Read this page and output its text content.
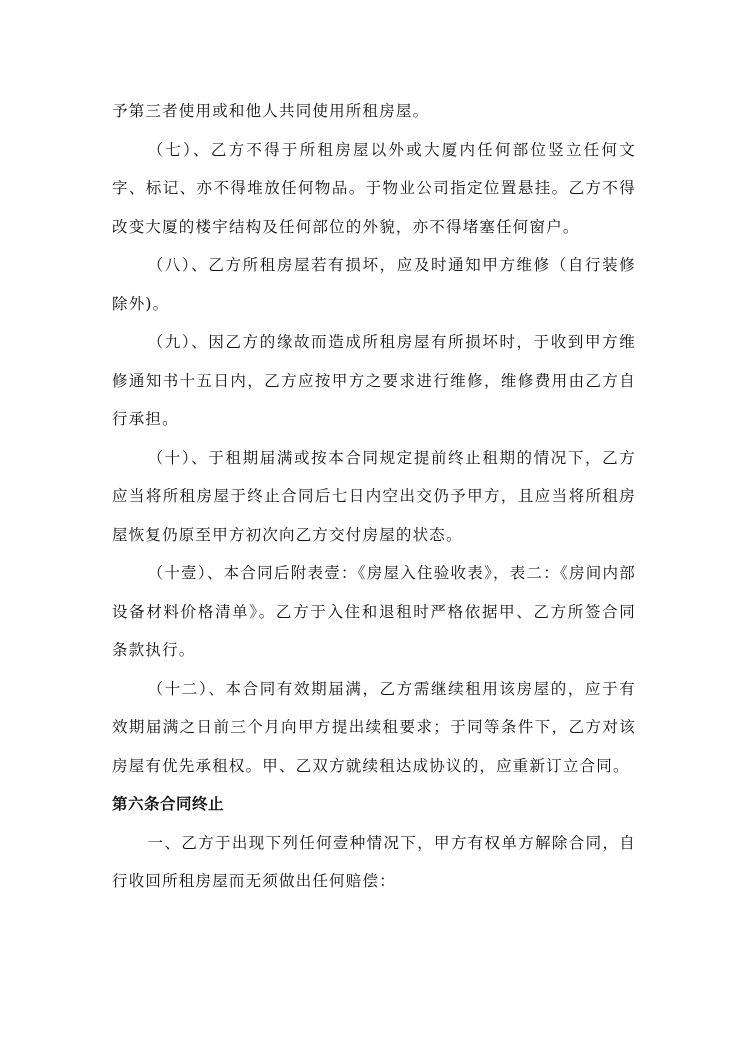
予第三者使用或和他人共同使用所租房屋。

（七）、乙方不得于所租房屋以外或大厦内任何部位竖立任何文字、标记、亦不得堆放任何物品。于物业公司指定位置悬挂。乙方不得改变大厦的楼宇结构及任何部位的外貌，亦不得堵塞任何窗户。

（八）、乙方所租房屋若有损坏，应及时通知甲方维修（自行装修除外)。

（九）、因乙方的缘故而造成所租房屋有所损坏时，于收到甲方维修通知书十五日内，乙方应按甲方之要求进行维修，维修费用由乙方自行承担。

（十）、于租期届满或按本合同规定提前终止租期的情况下，乙方应当将所租房屋于终止合同后七日内空出交仍予甲方，且应当将所租房屋恢复仍原至甲方初次向乙方交付房屋的状态。

（十壹）、本合同后附表壹：《房屋入住验收表》，表二：《房间内部设备材料价格清单》。乙方于入住和退租时严格依据甲、乙方所签合同条款执行。

（十二）、本合同有效期届满，乙方需继续租用该房屋的，应于有效期届满之日前三个月向甲方提出续租要求；于同等条件下，乙方对该房屋有优先承租权。甲、乙双方就续租达成协议的，应重新订立合同。

第六条合同终止

一、乙方于出现下列任何壹种情况下，甲方有权单方解除合同，自行收回所租房屋而无须做出任何赔偿：
